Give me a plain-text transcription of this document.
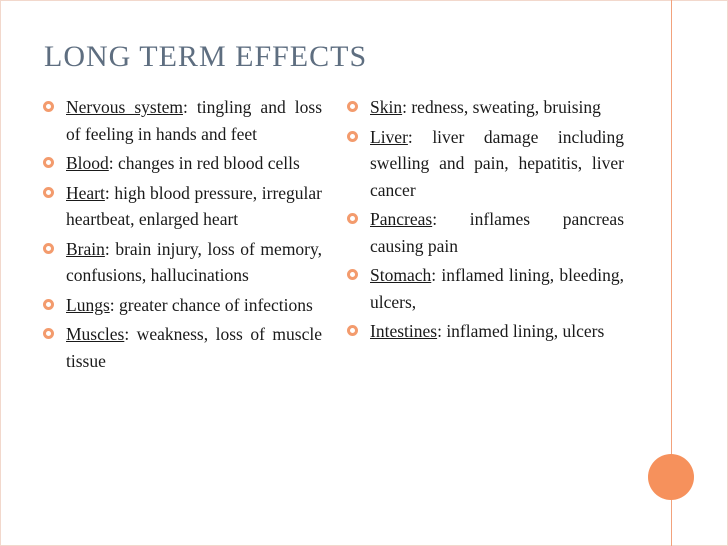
LONG TERM EFFECTS
Nervous system: tingling and loss of feeling in hands and feet
Blood: changes in red blood cells
Heart: high blood pressure, irregular heartbeat, enlarged heart
Brain: brain injury, loss of memory, confusions, hallucinations
Lungs: greater chance of infections
Muscles: weakness, loss of muscle tissue
Skin: redness, sweating, bruising
Liver: liver damage including swelling and pain, hepatitis, liver cancer
Pancreas: inflames pancreas causing pain
Stomach: inflamed lining, bleeding, ulcers,
Intestines: inflamed lining, ulcers
